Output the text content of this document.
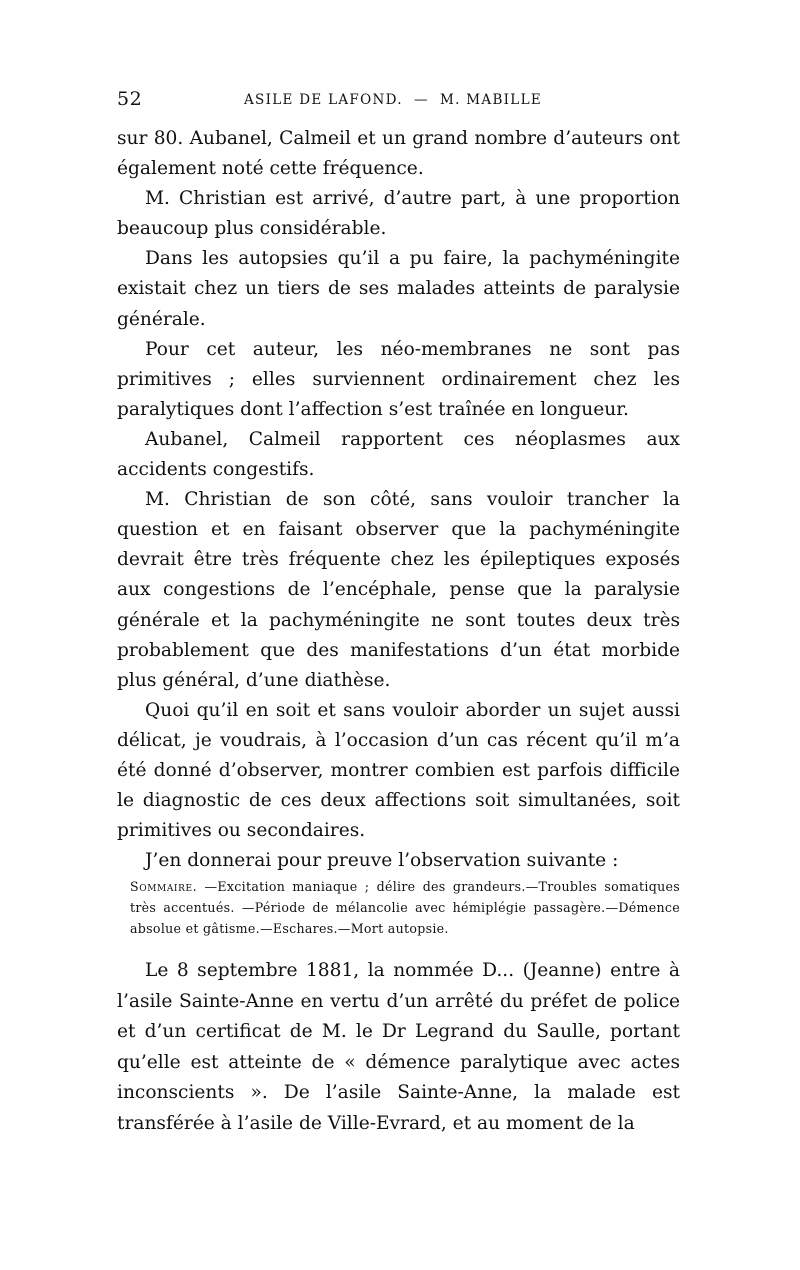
52	ASILE DE LAFOND.  —  M. MABILLE

sur 80. Aubanel, Calmeil et un grand nombre d’auteurs ont également noté cette fréquence.

M. Christian est arrivé, d’autre part, à une proportion beaucoup plus considérable.

Dans les autopsies qu’il a pu faire, la pachyméningite existait chez un tiers de ses malades atteints de paralysie générale.

Pour cet auteur, les néo-membranes ne sont pas primitives ; elles surviennent ordinairement chez les paralytiques dont l’affection s’est traînée en longueur.

Aubanel, Calmeil rapportent ces néoplasmes aux accidents congestifs.

M. Christian de son côté, sans vouloir trancher la question et en faisant observer que la pachyméningite devrait être très fréquente chez les épileptiques exposés aux congestions de l’encéphale, pense que la paralysie générale et la pachyméningite ne sont toutes deux très probablement que des manifestations d’un état morbide plus général, d’une diathèse.

Quoi qu’il en soit et sans vouloir aborder un sujet aussi délicat, je voudrais, à l’occasion d’un cas récent qu’il m’a été donné d’observer, montrer combien est parfois difficile le diagnostic de ces deux affections soit simultanées, soit primitives ou secondaires.

J’en donnerai pour preuve l’observation suivante :

Sommaire. —Excitation maniaque ; délire des grandeurs.—Troubles somatiques très accentués. —Période de mélancolie avec hémiplégie passagère.—Démence absolue et gâtisme.—Eschares.—Mort autopsie.

Le 8 septembre 1881, la nommée D... (Jeanne) entre à l’asile Sainte-Anne en vertu d’un arrêté du préfet de police et d’un certificat de M. le Dr Legrand du Saulle, portant qu’elle est atteinte de « démence paralytique avec actes inconscients ». De l’asile Sainte-Anne, la malade est transférée à l’asile de Ville-Evrard, et au moment de la
